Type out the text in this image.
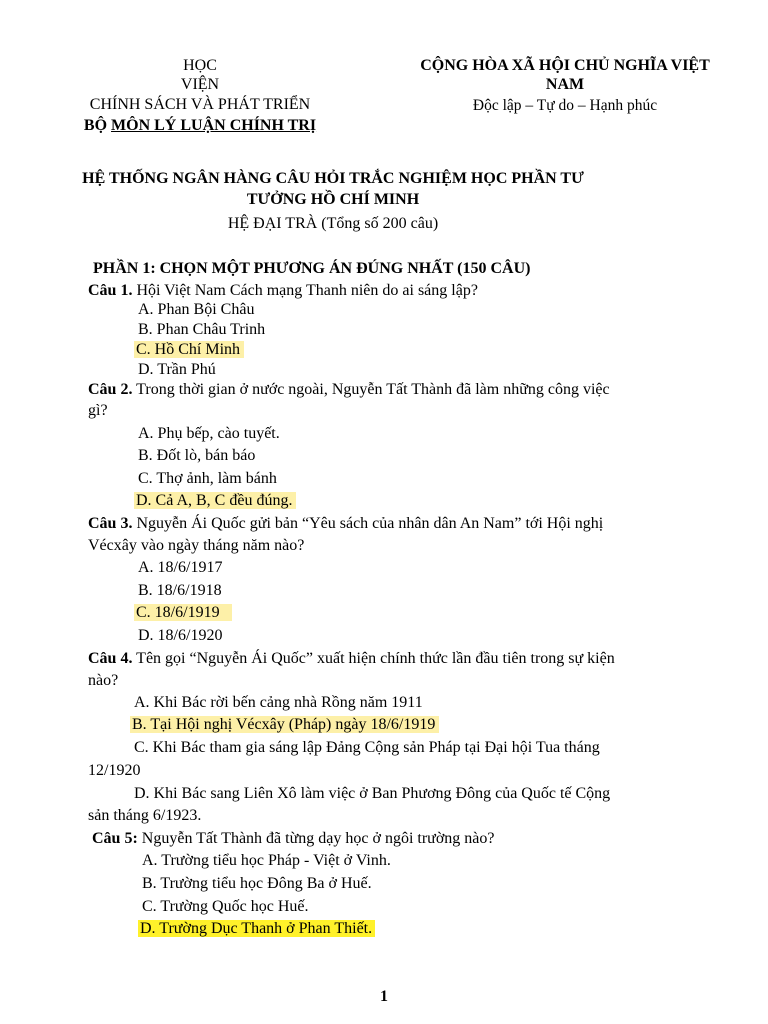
HỌC
VIỆN
CHÍNH SÁCH VÀ PHÁT TRIỂN
BỘ MÔN LÝ LUẬN CHÍNH TRỊ
CỘNG HÒA XÃ HỘI CHỦ NGHĨA VIỆT
NAM
Độc lập – Tự do – Hạnh phúc
HỆ THỐNG NGÂN HÀNG CÂU HỎI TRẮC NGHIỆM HỌC PHẦN TƯ
TƯỞNG HỒ CHÍ MINH
HỆ ĐẠI TRÀ (Tổng số 200 câu)
PHẦN 1: CHỌN MỘT PHƯƠNG ÁN ĐÚNG NHẤT (150 CÂU)
Câu 1. Hội Việt Nam Cách mạng Thanh niên do ai sáng lập?
A. Phan Bội Châu
B. Phan Châu Trinh
C. Hồ Chí Minh
D. Trần Phú
Câu 2. Trong thời gian ở nước ngoài, Nguyễn Tất Thành đã làm những công việc
gì?
A. Phụ bếp, cào tuyết.
B. Đốt lò, bán báo
C. Thợ ảnh, làm bánh
D. Cả A, B, C đều đúng.
Câu 3. Nguyễn Ái Quốc gửi bản “Yêu sách của nhân dân An Nam” tới Hội nghị
Vécxây vào ngày tháng năm nào?
A. 18/6/1917
B. 18/6/1918
C. 18/6/1919
D. 18/6/1920
Câu 4. Tên gọi “Nguyễn Ái Quốc” xuất hiện chính thức lần đầu tiên trong sự kiện
nào?
A. Khi Bác rời bến cảng nhà Rồng năm 1911
B. Tại Hội nghị Vécxây (Pháp) ngày 18/6/1919
C. Khi Bác tham gia sáng lập Đảng Cộng sản Pháp tại Đại hội Tua tháng
12/1920
D. Khi Bác sang Liên Xô làm việc ở Ban Phương Đông của Quốc tế Cộng
sản tháng 6/1923.
Câu 5: Nguyễn Tất Thành đã từng dạy học ở ngôi trường nào?
A. Trường tiểu học Pháp - Việt ở Vinh.
B. Trường tiểu học Đông Ba ở Huế.
C. Trường Quốc học Huế.
D. Trường Dục Thanh ở Phan Thiết.
1
